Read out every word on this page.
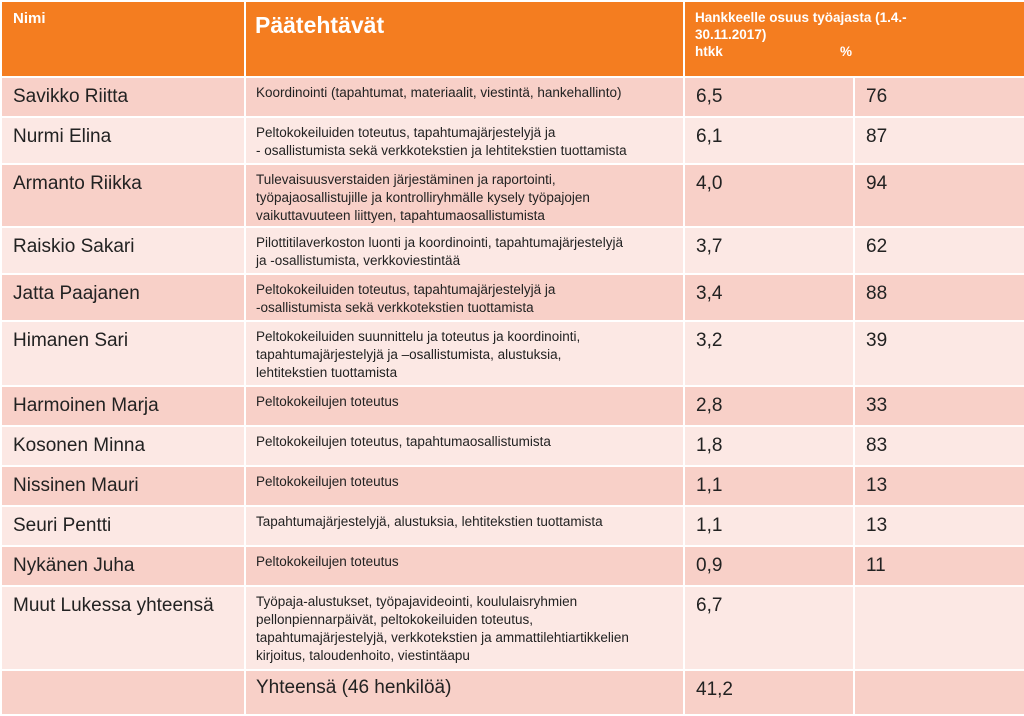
Nimi	Päätehtävät	Hankkeelle osuus työajasta (1.4.-
30.11.2017)
htkk %	

Savikko Riitta	Koordinointi (tapahtumat, materiaalit, viestintä, hankehallinto)	6,5	76
Nurmi Elina	Peltokokeiluiden toteutus, tapahtumajärjestelyjä ja
- osallistumista sekä verkkotekstien ja lehtitekstien tuottamista	6,1	87
Armanto Riikka	Tulevaisuusverstaiden järjestäminen ja raportointi,
työpajaosallistujille ja kontrolliryhmälle kysely työpajojen
vaikuttavuuteen liittyen, tapahtumaosallistumista	4,0	94
Raiskio Sakari	Pilottitilaverkoston luonti ja koordinointi, tapahtumajärjestelyjä
ja -osallistumista, verkkoviestintää	3,7	62
Jatta Paajanen	Peltokokeiluiden toteutus, tapahtumajärjestelyjä ja
-osallistumista sekä verkkotekstien tuottamista	3,4	88
Himanen Sari	Peltokokeiluiden suunnittelu ja toteutus ja koordinointi,
tapahtumajärjestelyjä ja –osallistumista, alustuksia,
lehtitekstien tuottamista	3,2	39
Harmoinen Marja	Peltokokeilujen toteutus	2,8	33
Kosonen Minna	Peltokokeilujen toteutus, tapahtumaosallistumista	1,8	83
Nissinen Mauri	Peltokokeilujen toteutus	1,1	13
Seuri Pentti	Tapahtumajärjestelyjä, alustuksia, lehtitekstien tuottamista	1,1	13
Nykänen Juha	Peltokokeilujen toteutus	0,9	11
Muut Lukessa yhteensä	Työpaja-alustukset, työpajavideointi, koululaisryhmien
pellonpiennarpäivät, peltokokeiluiden toteutus,
tapahtumajärjestelyjä, verkkotekstien ja ammattilehtiartikkelien
kirjoitus, taloudenhoito, viestintäapu	6,7	

	Yhteensä (46 henkilöä)	41,2	
